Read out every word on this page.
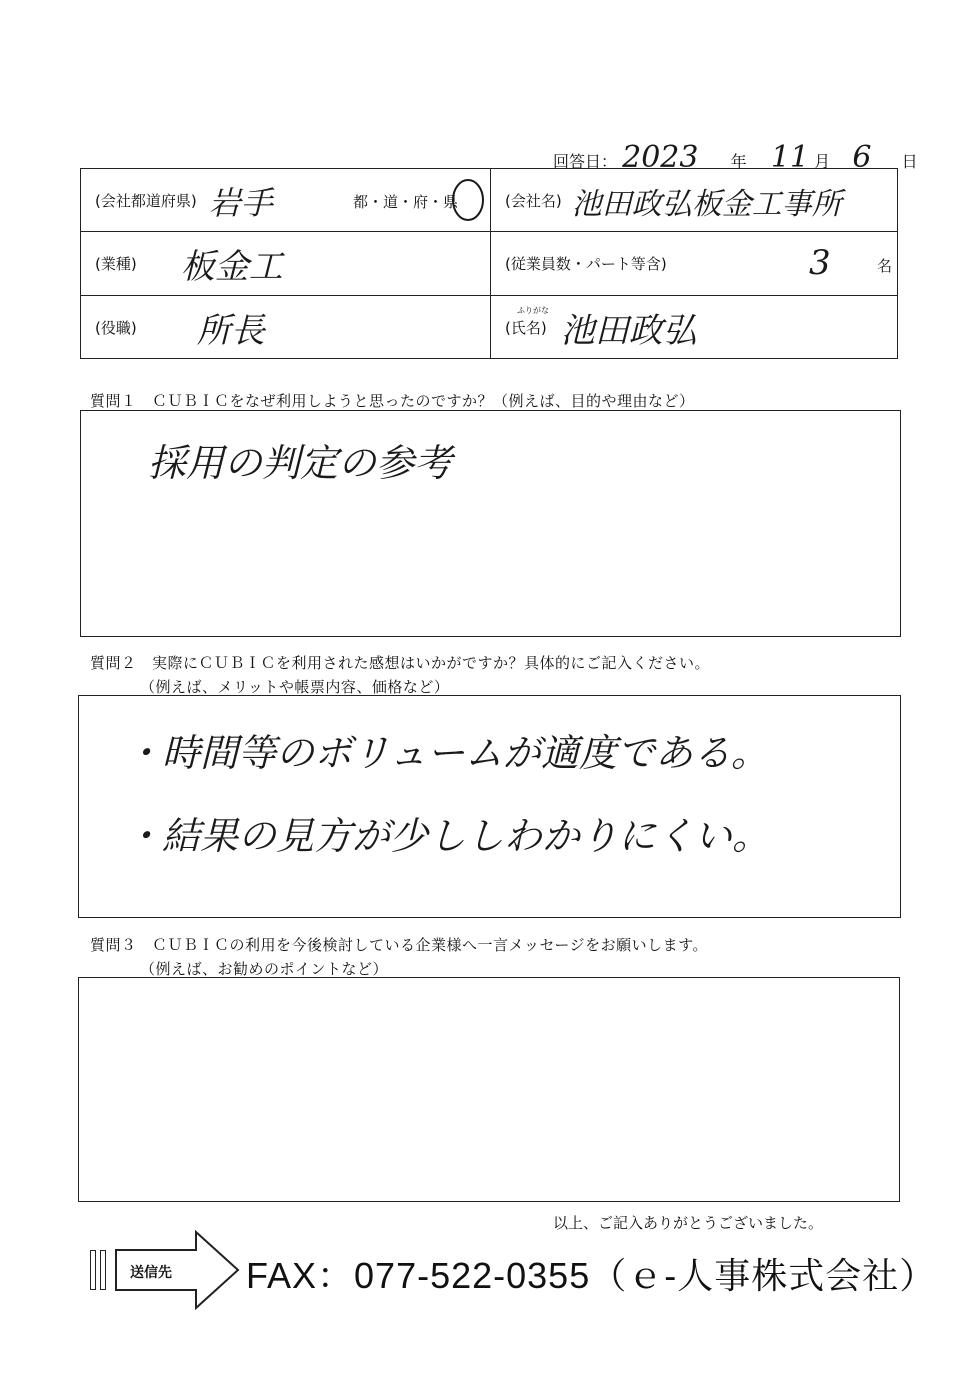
回答日： 2023 年 11 月 6 日
(会社都道府県) 岩手	都・道・府・県	(会社名) 池田政弘板金工事所
(業種) 板金工	(従業員数・パート等含)	3	名
(役職) 所長
ふりがな
(氏名) 池田政弘
質問１　ＣＵＢＩＣをなぜ利用しようと思ったのですか？（例えば、目的や理由など）
採用の判定の参考
質問２　実際にＣＵＢＩＣを利用された感想はいかがですか？具体的にご記入ください。
（例えば、メリットや帳票内容、価格など）
・時間等のボリュームが適度である。
・結果の見方が少ししわかりにくい。
質問３　ＣＵＢＩＣの利用を今後検討している企業様へ一言メッセージをお願いします。
（例えば、お勧めのポイントなど）
以上、ご記入ありがとうございました。
送信先 FAX：077-522-0355（ｅ-人事株式会社）
